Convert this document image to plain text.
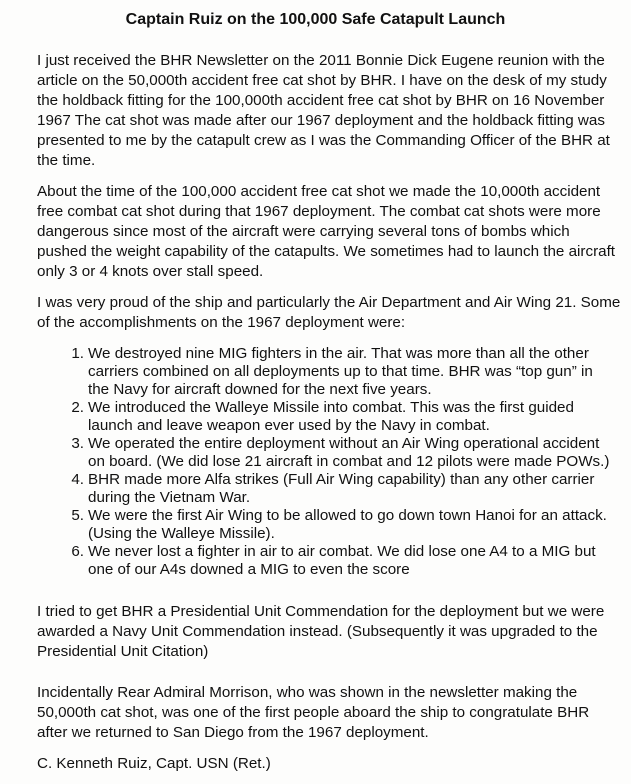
Captain Ruiz on the 100,000 Safe Catapult Launch

I just received the BHR Newsletter on the 2011 Bonnie Dick Eugene reunion with the article on the 50,000th accident free cat shot by BHR. I have on the desk of my study the holdback fitting for the 100,000th accident free cat shot by BHR on 16 November 1967 The cat shot was made after our 1967 deployment and the holdback fitting was presented to me by the catapult crew as I was the Commanding Officer of the BHR at the time.

About the time of the 100,000 accident free cat shot we made the 10,000th accident free combat cat shot during that 1967 deployment. The combat cat shots were more dangerous since most of the aircraft were carrying several tons of bombs which pushed the weight capability of the catapults. We sometimes had to launch the aircraft only 3 or 4 knots over stall speed.

I was very proud of the ship and particularly the Air Department and Air Wing 21. Some of the accomplishments on the 1967 deployment were:

1. We destroyed nine MIG fighters in the air. That was more than all the other carriers combined on all deployments up to that time. BHR was “top gun” in the Navy for aircraft downed for the next five years.
2. We introduced the Walleye Missile into combat. This was the first guided launch and leave weapon ever used by the Navy in combat.
3. We operated the entire deployment without an Air Wing operational accident on board. (We did lose 21 aircraft in combat and 12 pilots were made POWs.)
4. BHR made more Alfa strikes (Full Air Wing capability) than any other carrier during the Vietnam War.
5. We were the first Air Wing to be allowed to go down town Hanoi for an attack. (Using the Walleye Missile).
6. We never lost a fighter in air to air combat. We did lose one A4 to a MIG but one of our A4s downed a MIG to even the score

I tried to get BHR a Presidential Unit Commendation for the deployment but we were awarded a Navy Unit Commendation instead. (Subsequently it was upgraded to the Presidential Unit Citation)

Incidentally Rear Admiral Morrison, who was shown in the newsletter making the 50,000th cat shot, was one of the first people aboard the ship to congratulate BHR after we returned to San Diego from the 1967 deployment.

C. Kenneth Ruiz, Capt. USN (Ret.)
